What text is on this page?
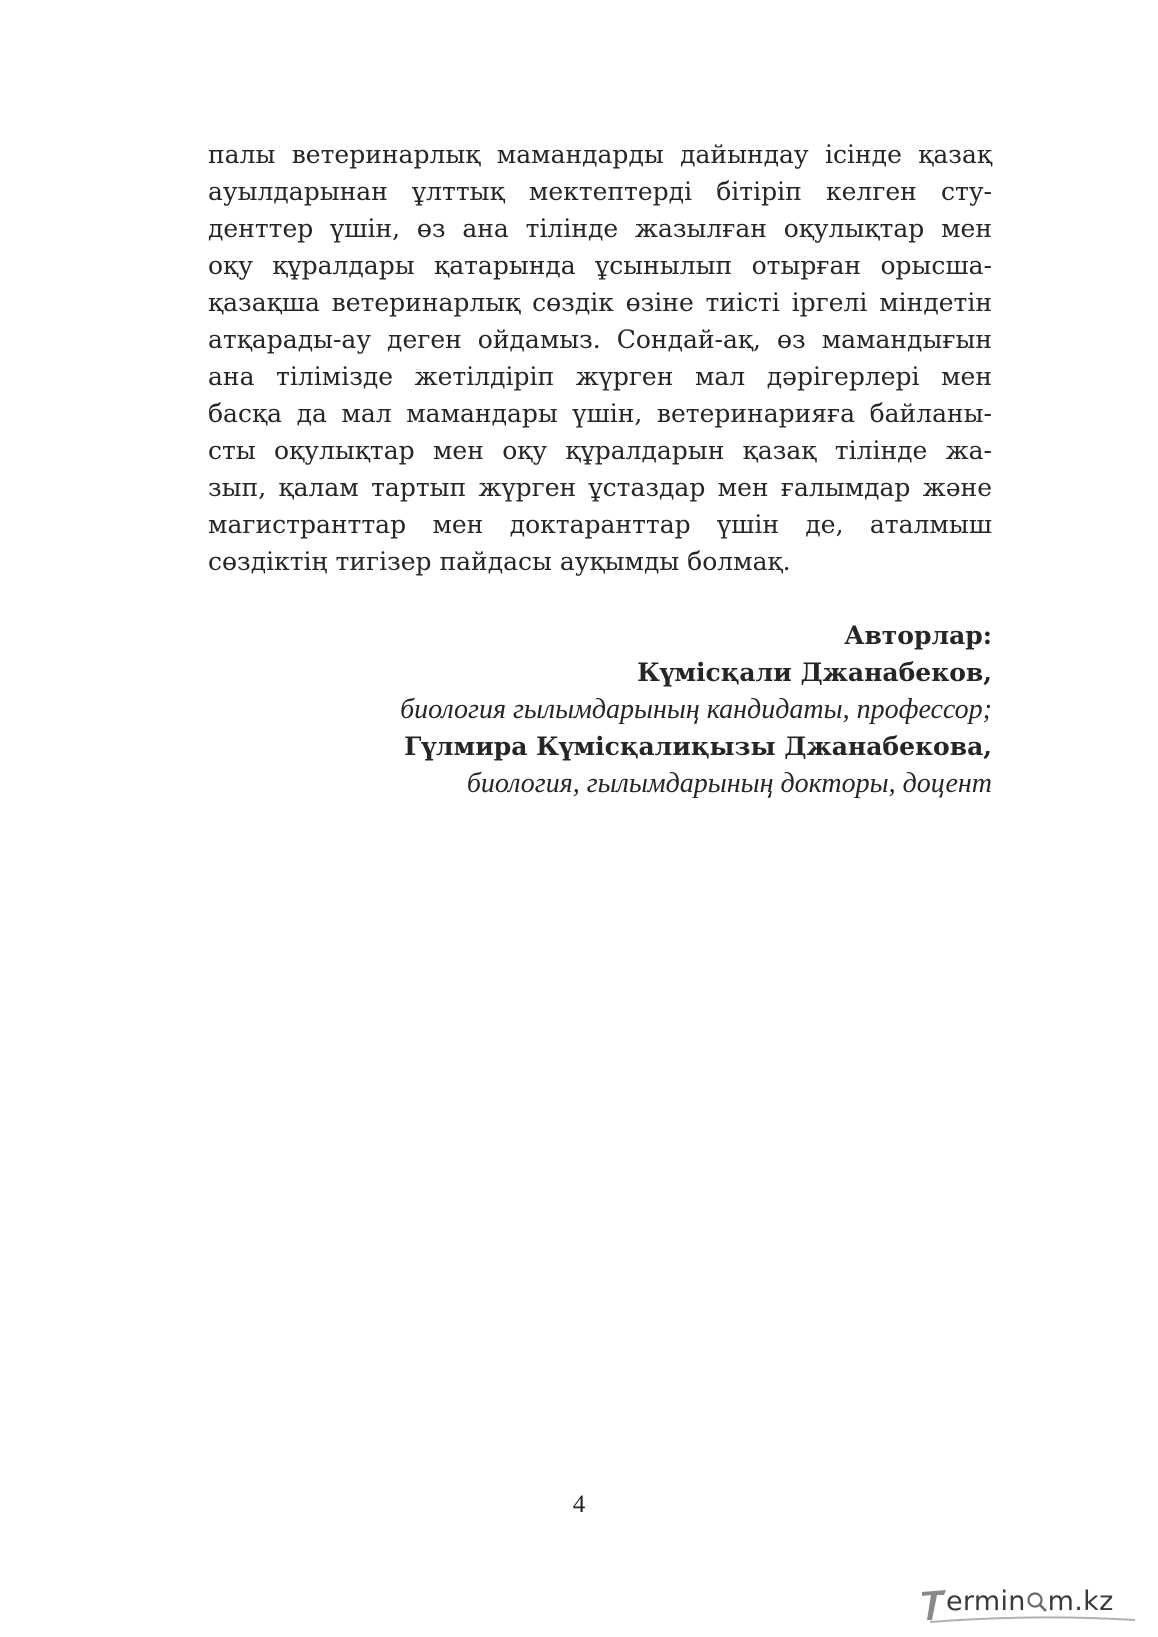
палы ветеринарлық мамандарды дайындау ісінде қазақ
ауылдарынан ұлттық мектептерді бітіріп келген сту-
денттер үшін, өз ана тілінде жазылған оқулықтар мен
оқу құралдары қатарында ұсынылып отырған орысша-
қазақша ветеринарлық сөздік өзіне тиісті іргелі міндетін
атқарады-ау деген ойдамыз. Сондай-ақ, өз мамандығын
ана тілімізде жетілдіріп жүрген мал дәрігерлері мен
басқа да мал мамандары үшін, ветеринарияға байланы-
сты оқулықтар мен оқу құралдарын қазақ тілінде жа-
зып, қалам тартып жүрген ұстаздар мен ғалымдар және
магистранттар мен доктаранттар үшін де, аталмыш
сөздіктің тигізер пайдасы ауқымды болмақ.
Авторлар:
Күмісқали Джанабеков,
биология гылымдарының кандидаты, профессор;
Гүлмира Күмісқалиқызы Джанабекова,
биология, гылымдарының докторы, доцент
4
ermin m.kz
